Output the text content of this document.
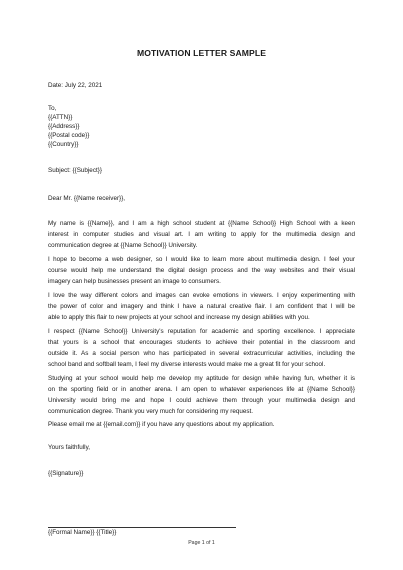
MOTIVATION LETTER SAMPLE
Date: July 22, 2021
To,
{{ATTN}}
{{Address}}
{{Postal code}}
{{Country}}
Subject: {{Subject}}
Dear Mr. {{Name receiver}},
My name is {{Name}}, and I am a high school student at {{Name School}} High School with a keen
interest in computer studies and visual art. I am writing to apply for the multimedia design and
communication degree at {{Name School}} University.
I hope to become a web designer, so I would like to learn more about multimedia design. I feel your
course would help me understand the digital design process and the way websites and their visual
imagery can help businesses present an image to consumers.
I love the way different colors and images can evoke emotions in viewers. I enjoy experimenting with
the power of color and imagery and think I have a natural creative flair. I am confident that I will be
able to apply this flair to new projects at your school and increase my design abilities with you.
I respect {{Name School}} University's reputation for academic and sporting excellence. I appreciate
that yours is a school that encourages students to achieve their potential in the classroom and
outside it. As a social person who has participated in several extracurricular activities, including the
school band and softball team, I feel my diverse interests would make me a great fit for your school.
Studying at your school would help me develop my aptitude for design while having fun, whether it is
on the sporting field or in another arena. I am open to whatever experiences life at {{Name School}}
University would bring me and hope I could achieve them through your multimedia design and
communication degree. Thank you very much for considering my request.
Please email me at {{email.com}} if you have any questions about my application.
Yours faithfully,
{{Signature}}
{{Formal Name}} {{Title}}
Page 1 of 1
